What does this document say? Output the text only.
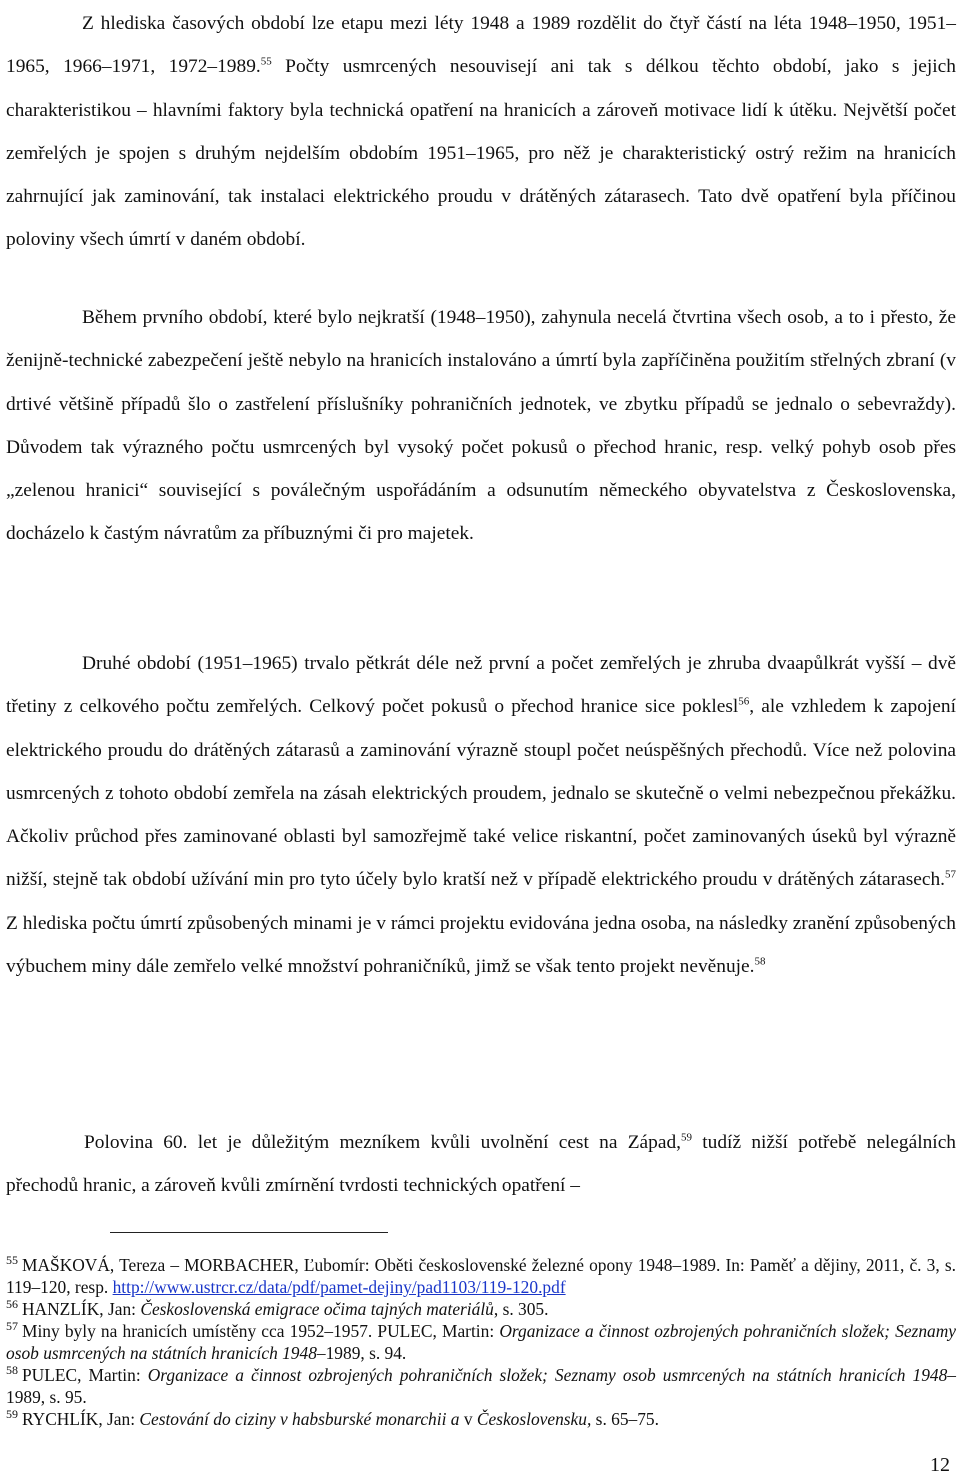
Z hlediska časových období lze etapu mezi léty 1948 a 1989 rozdělit do čtyř částí na léta 1948–1950, 1951–1965, 1966–1971, 1972–1989.55 Počty usmrcených nesouvisejí ani tak s délkou těchto období, jako s jejich charakteristikou – hlavními faktory byla technická opatření na hranicích a zároveň motivace lidí k útěku. Největší počet zemřelých je spojen s druhým nejdelším obdobím 1951–1965, pro něž je charakteristický ostrý režim na hranicích zahrnující jak zaminování, tak instalaci elektrického proudu v drátěných zátarasech. Tato dvě opatření byla příčinou poloviny všech úmrtí v daném období.

Během prvního období, které bylo nejkratší (1948–1950), zahynula necelá čtvrtina všech osob, a to i přesto, že ženijně-technické zabezpečení ještě nebylo na hranicích instalováno a úmrtí byla zapříčiněna použitím střelných zbraní (v drtivé většině případů šlo o zastřelení příslušníky pohraničních jednotek, ve zbytku případů se jednalo o sebevraždy). Důvodem tak výrazného počtu usmrcených byl vysoký počet pokusů o přechod hranic, resp. velký pohyb osob přes „zelenou hranici“ související s poválečným uspořádáním a odsunutím německého obyvatelstva z Československa, docházelo k častým návratům za příbuznými či pro majetek.

Druhé období (1951–1965) trvalo pětkrát déle než první a počet zemřelých je zhruba dvaapůlkrát vyšší – dvě třetiny z celkového počtu zemřelých. Celkový počet pokusů o přechod hranice sice poklesl$^{56}$, ale vzhledem k zapojení elektrického proudu do drátěných zátarasů a zaminování výrazně stoupl počet neúspěšných přechodů. Více než polovina usmrcených z tohoto období zemřela na zásah elektrických proudem, jednalo se skutečně o velmi nebezpečnou překážku. Ačkoliv průchod přes zaminované oblasti byl samozřejmě také velice riskantní, počet zaminovaných úseků byl výrazně nižší, stejně tak období užívání min pro tyto účely bylo kratší než v případě elektrického proudu v drátěných zátarasech.$^{57}$ Z hlediska počtu úmrtí způsobených minami je v rámci projektu evidována jedna osoba, na následky zranění způsobených výbuchem miny dále zemřelo velké množství pohraničníků, jimž se však tento projekt nevěnuje.$^{58}$

Polovina 60. let je důležitým mezníkem kvůli uvolnění cest na Západ,$^{59}$ tudíž nižší potřebě nelegálních přechodů hranic, a zároveň kvůli zmírnění tvrdosti technických opatření –

$^{55}$ MAŠKOVÁ, Tereza – MORBACHER, Ľubomír: Oběti československé železné opony 1948–1989. In: Paměť a dějiny, 2011, č. 3, s. 119–120, resp. http://www.ustrcr.cz/data/pdf/pamet-dejiny/pad1103/119-120.pdf

$^{56}$ HANZLÍK, Jan: Československá emigrace očima tajných materiálů, s. 305.

$^{57}$ Miny byly na hranicích umístěny cca 1952–1957. PULEC, Martin: Organizace a činnost ozbrojených pohraničních složek; Seznamy osob usmrcených na státních hranicích 1948–1989, s. 94.

$^{58}$ PULEC, Martin: Organizace a činnost ozbrojených pohraničních složek; Seznamy osob usmrcených na státních hranicích 1948–1989, s. 95.

$^{59}$ RYCHLÍK, Jan: Cestování do ciziny v habsburské monarchii a v Československu, s. 65–75.

12
